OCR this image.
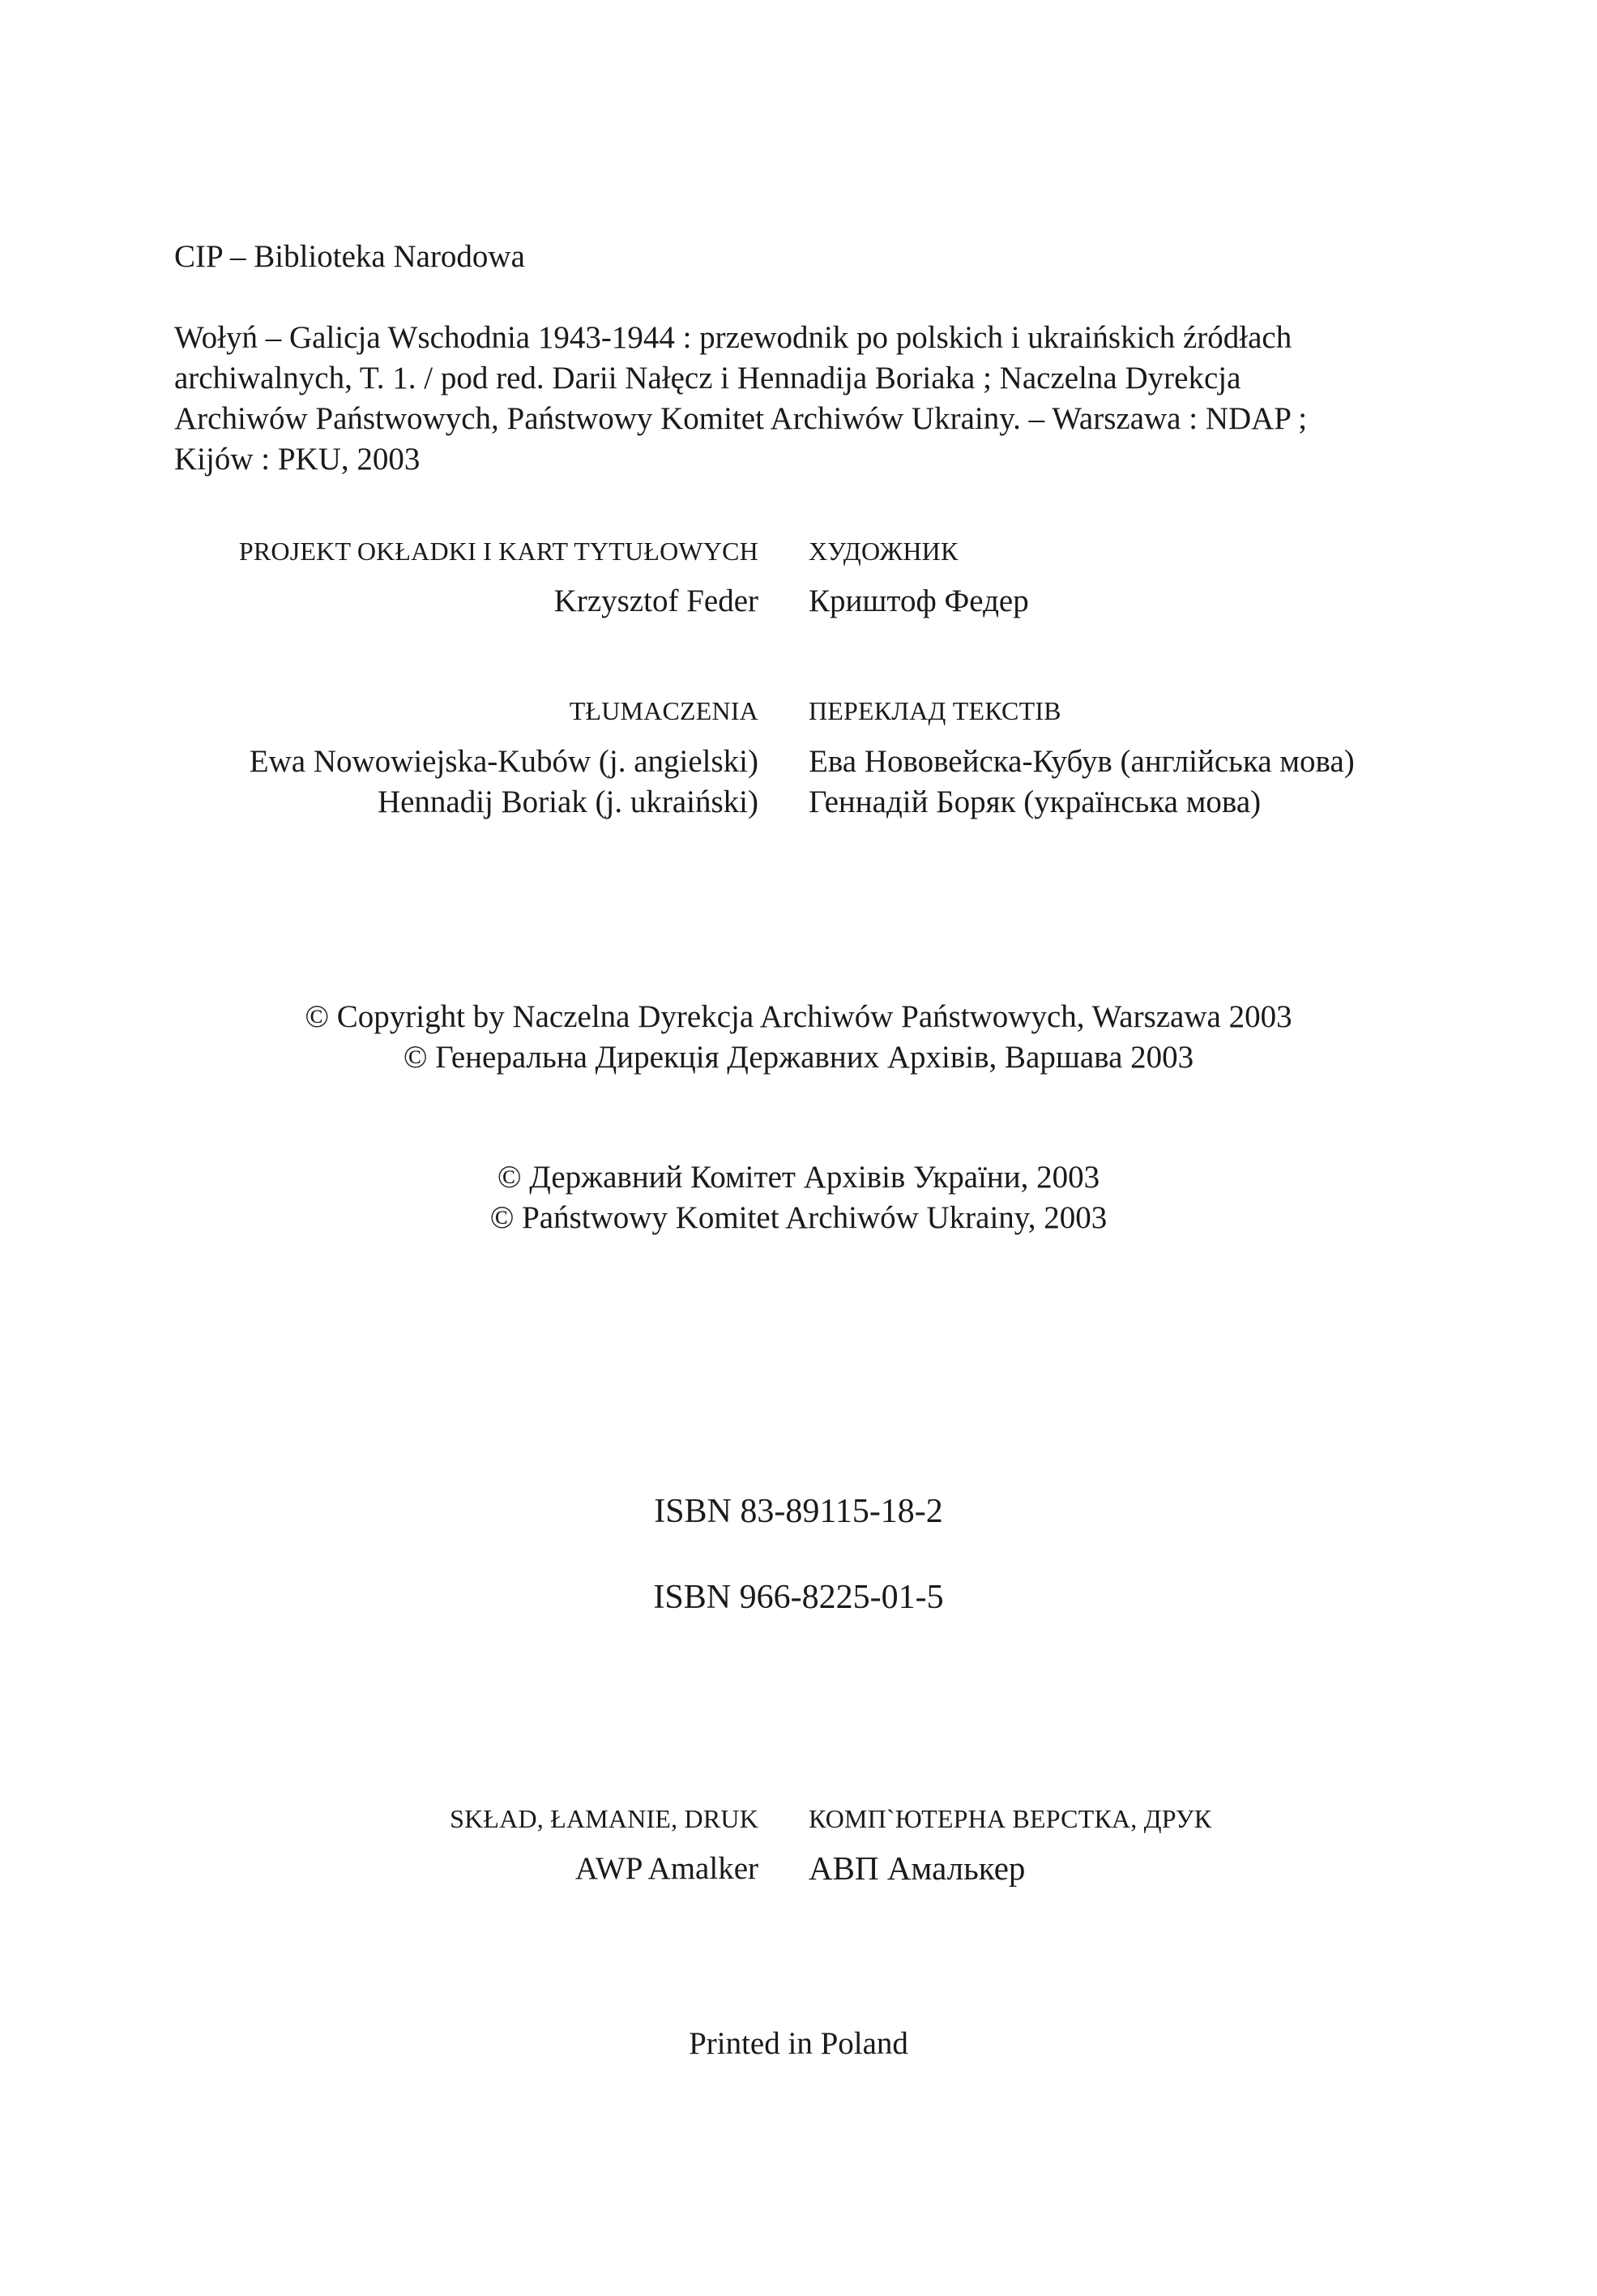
CIP – Biblioteka Narodowa

Wołyń – Galicja Wschodnia 1943-1944 : przewodnik po polskich i ukraińskich źródłach
archiwalnych, T. 1. / pod red. Darii Nałęcz i Hennadija Boriaka ; Naczelna Dyrekcja
Archiwów Państwowych, Państwowy Komitet Archiwów Ukrainy. – Warszawa : NDAP ;
Kijów : PKU, 2003

PROJEKT OKŁADKI I KART TYTUŁOWYCH ХУДОЖНИК
Krzysztof Feder Криштоф Федер
TŁUMACZENIA ПЕРЕКЛАД ТЕКСТІВ
Ewa Nowowiejska-Kubów (j. angielski) Ева Нововейска-Кубув (англійська мова)
Hennadij Boriak (j. ukraiński) Геннадій Боряк (українська мова)

© Copyright by Naczelna Dyrekcja Archiwów Państwowych, Warszawa 2003

© Генеральна Дирекція Державних Архівів, Варшава 2003

© Державний Комітет Архівів України, 2003

© Państwowy Komitet Archiwów Ukrainy, 2003

ISBN 83-89115-18-2

ISBN 966-8225-01-5

SKŁAD, ŁAMANIE, DRUK КОМП`ЮТЕРНА ВЕРСТКА, ДРУК
AWP Amalker АВП Амалькер

Printed in Poland
